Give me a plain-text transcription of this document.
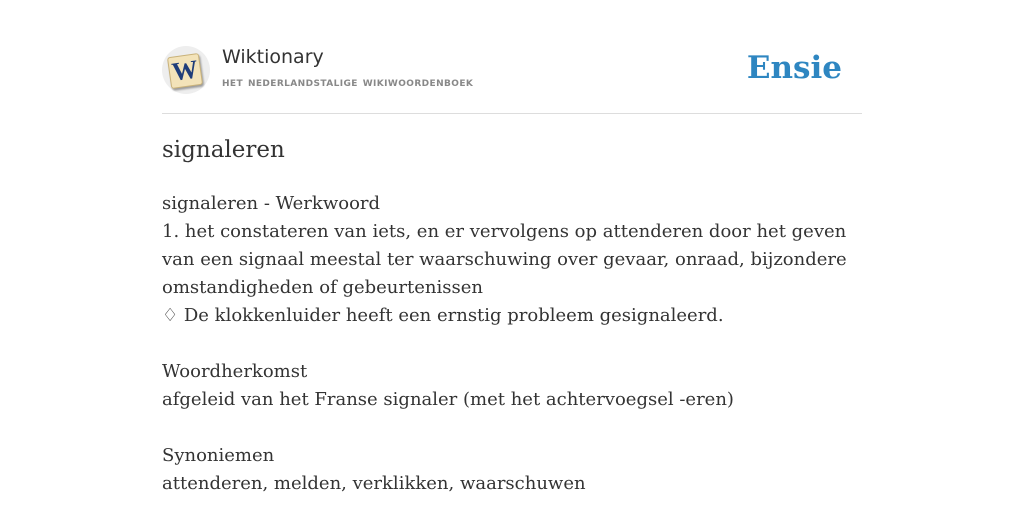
W Wiktionary
het nederlandstalige wikiwoordenboek	Ensie
signaleren

signaleren - Werkwoord

1. het constateren van iets, en er vervolgens op attenderen door het geven van een signaal meestal ter waarschuwing over gevaar, onraad, bijzondere omstandigheden of gebeurtenissen

♢ De klokkenluider heeft een ernstig probleem gesignaleerd.

Woordherkomst

afgeleid van het Franse signaler (met het achtervoegsel -eren)

Synoniemen

attenderen, melden, verklikken, waarschuwen
